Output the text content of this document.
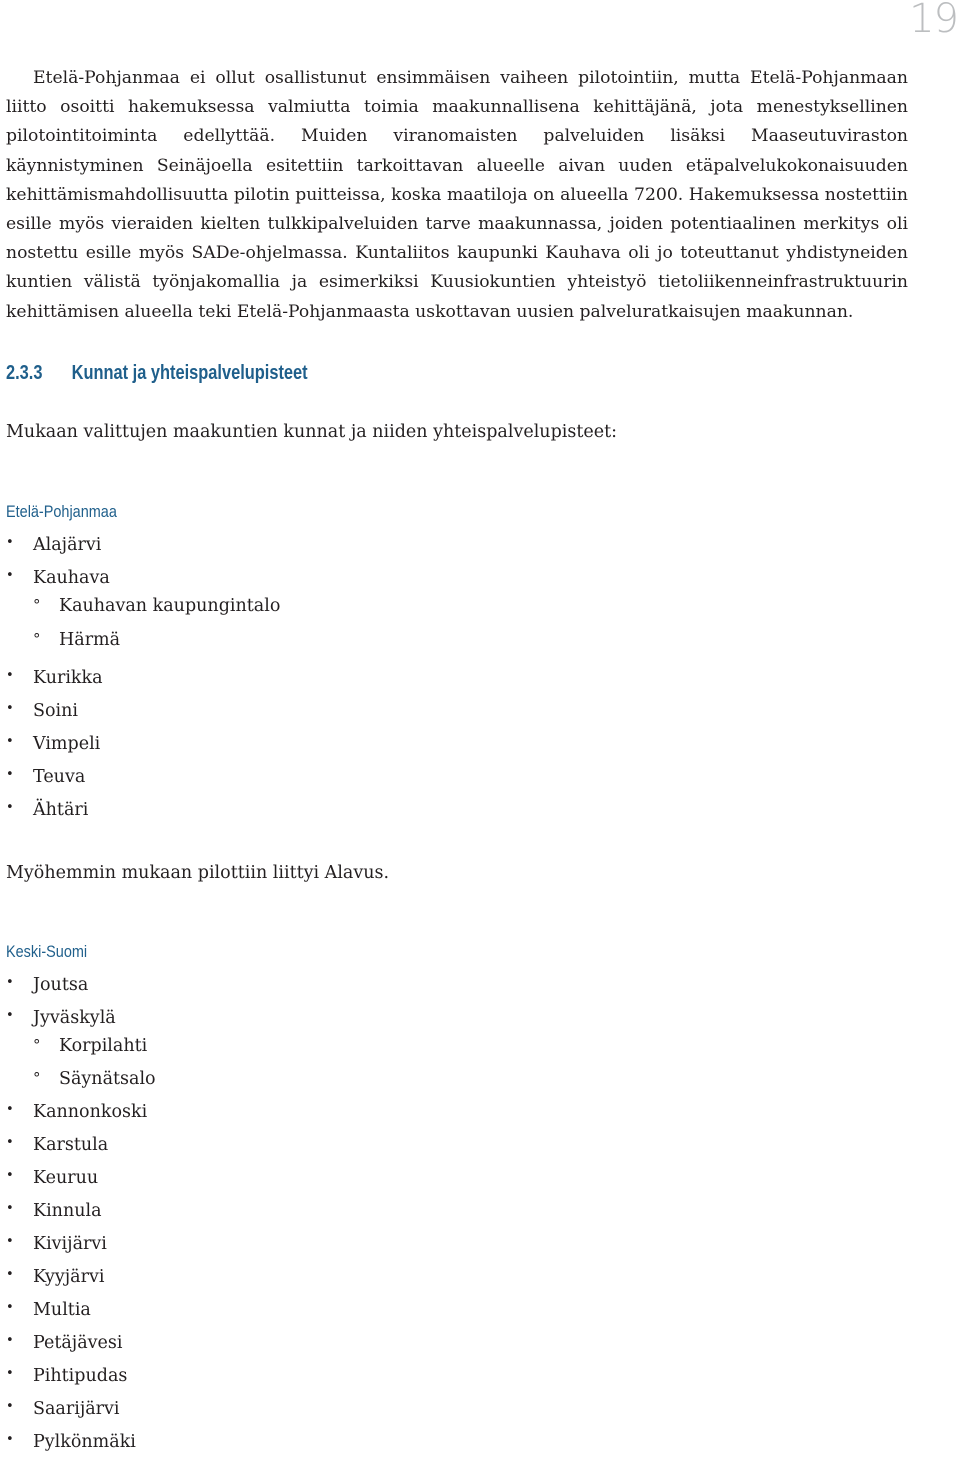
19

Etelä-Pohjanmaa ei ollut osallistunut ensimmäisen vaiheen pilotointiin, mutta Etelä-Pohjanmaan liitto osoitti hakemuksessa valmiutta toimia maakunnallisena kehittäjänä, jota menestyksellinen pilotointitoiminta edellyttää. Muiden viranomaisten palveluiden lisäksi Maaseutuviraston käynnistyminen Seinäjoella esitettiin tarkoittavan alueelle aivan uuden etäpalvelukokonaisuuden kehittämismahdollisuutta pilotin puitteissa, koska maatiloja on alueella 7200. Hakemuksessa nostettiin esille myös vieraiden kielten tulkkipalveluiden tarve maakunnassa, joiden potentiaalinen merkitys oli nostettu esille myös SADe-ohjelmassa. Kuntaliitos kaupunki Kauhava oli jo toteuttanut yhdistyneiden kuntien välistä työnjakomallia ja esimerkiksi Kuusiokuntien yhteistyö tietoliikenneinfrastruktuurin kehittämisen alueella teki Etelä-Pohjanmaasta uskottavan uusien palveluratkaisujen maakunnan.

2.3.3 Kunnat ja yhteispalvelupisteet
Mukaan valittujen maakuntien kunnat ja niiden yhteispalvelupisteet:
Etelä-Pohjanmaa
• Alajärvi
• Kauhava
° Kauhavan kaupungintalo
° Härmä
• Kurikka
• Soini
• Vimpeli
• Teuva
• Ähtäri
Myöhemmin mukaan pilottiin liittyi Alavus.
Keski-Suomi
• Joutsa
• Jyväskylä
° Korpilahti
° Säynätsalo
• Kannonkoski
• Karstula
• Keuruu
• Kinnula
• Kivijärvi
• Kyyjärvi
• Multia
• Petäjävesi
• Pihtipudas
• Saarijärvi
• Pylkönmäki
